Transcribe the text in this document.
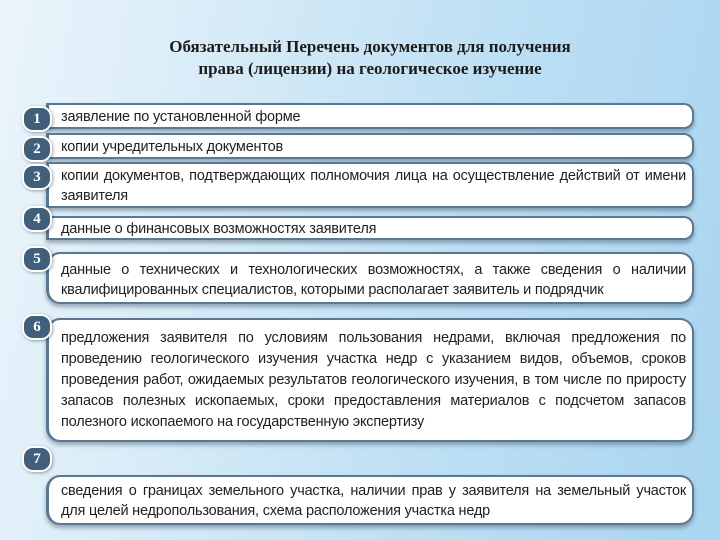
Обязательный Перечень документов для получения
права (лицензии) на геологическое изучение
заявление по установленной форме
1
копии учредительных документов
2
копии документов, подтверждающих полномочия лица на осуществление действий от имени заявителя
3
данные о финансовых возможностях заявителя
4
данные о технических и технологических возможностях, а также сведения о наличии квалифицированных специалистов, которыми располагает заявитель и подрядчик
5
предложения заявителя по условиям пользования недрами, включая предложения по проведению геологического изучения участка недр с указанием видов, объемов, сроков проведения работ, ожидаемых результатов геологического изучения, в том числе по приросту запасов полезных ископаемых, сроки предоставления материалов с подсчетом запасов полезного ископаемого на государственную экспертизу
6
сведения о границах земельного участка, наличии прав у заявителя на земельный участок для целей недропользования, схема расположения участка недр
7
